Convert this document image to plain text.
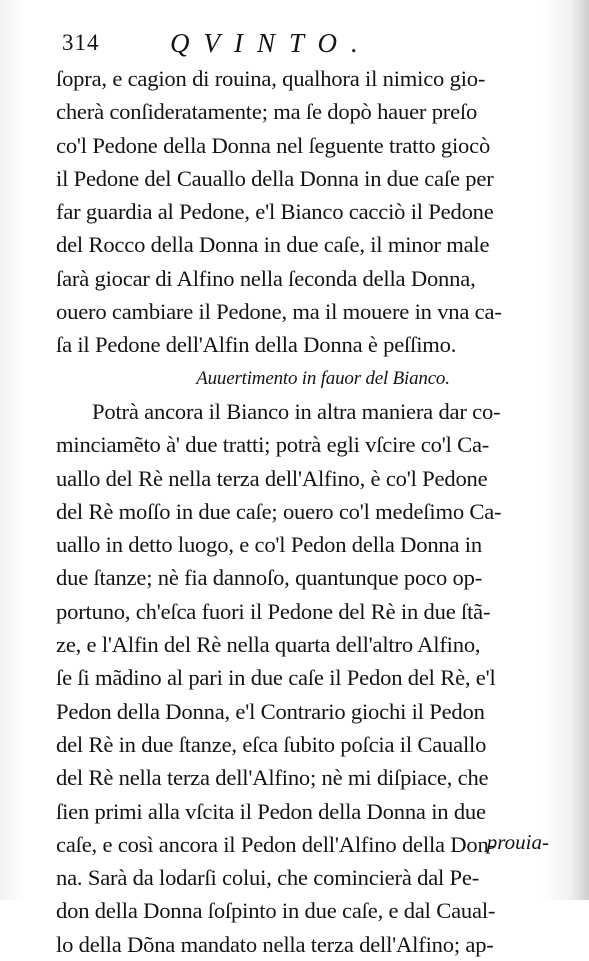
314	QVINTO.
ſopra, e cagion di rouina, qualhora il nimico gio-
cherà conſideratamente; ma ſe dopò hauer preſo
co'l Pedone della Donna nel ſeguente tratto giocò
il Pedone del Cauallo della Donna in due caſe per
far guardia al Pedone, e'l Bianco cacciò il Pedone
del Rocco della Donna in due caſe, il minor male
ſarà giocar di Alfino nella ſeconda della Donna,
ouero cambiare il Pedone, ma il mouere in vna ca-
ſa il Pedone dell'Alfin della Donna è peſſimo.
Auuertimento in fauor del Bianco.
Potrà ancora il Bianco in altra maniera dar co-
minciamẽto à' due tratti; potrà egli vſcire co'l Ca-
uallo del Rè nella terza dell'Alfino, è co'l Pedone
del Rè moſſo in due caſe; ouero co'l medeſimo Ca-
uallo in detto luogo, e co'l Pedon della Donna in
due ſtanze; nè fia dannoſo, quantunque poco op-
portuno, ch'eſca fuori il Pedone del Rè in due ſtã-
ze, e l'Alfin del Rè nella quarta dell'altro Alfino,
ſe ſi mãdino al pari in due caſe il Pedon del Rè, e'l
Pedon della Donna, e'l Contrario giochi il Pedon
del Rè in due ſtanze, eſca ſubito poſcia il Cauallo
del Rè nella terza dell'Alfino; nè mi diſpiace, che
ſien primi alla vſcita il Pedon della Donna in due
caſe, e così ancora il Pedon dell'Alfino della Don-
na. Sarà da lodarſi colui, che comincierà dal Pe-
don della Donna ſoſpinto in due caſe, e dal Caual-
lo della Dõna mandato nella terza dell'Alfino; ap-
prouia-
